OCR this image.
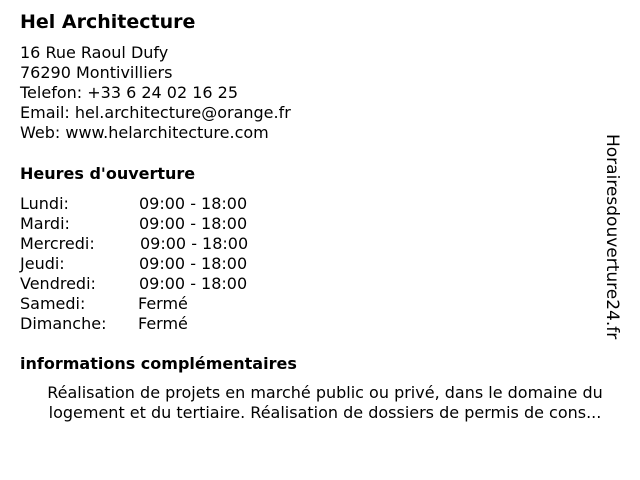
Hel Architecture
16 Rue Raoul Dufy
76290 Montivilliers
Telefon: +33 6 24 02 16 25
Email: hel.architecture@orange.fr
Web: www.helarchitecture.com
Heures d'ouverture
Lundi:	09:00 - 18:00
Mardi:	09:00 - 18:00
Mercredi:	09:00 - 18:00
Jeudi:	09:00 - 18:00
Vendredi:	09:00 - 18:00
Samedi:	Fermé
Dimanche: Fermé
informations complémentaires
Réalisation de projets en marché public ou privé, dans le domaine du
logement et du tertiaire. Réalisation de dossiers de permis de cons...
Horairesdouverture24.fr
